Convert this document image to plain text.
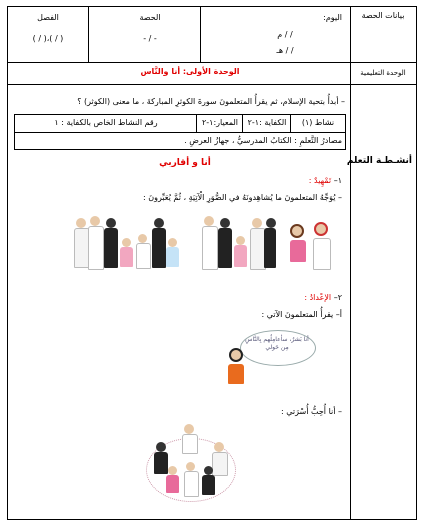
بيانات الحصة
اليوم:
/ / م
/ / هـ
الحصة
- / -
الفصل
( / )،( / )
الوحدة التعليمية
الوحدة الأولى: أنا والنَّاس
أنشـطـة التعلم
– أبدأُ بتحية الإسلام، ثم يقرأُ المتعلمونَ سورةَ الكوثرِ المباركةَ ، ما معنى (الكوثر) ؟
نشاط (١)
الكفاية :١-٢
المعيار:١-٢
رقم النشاط الخاص بالكفاية : ١
مصادرُ التَّعلمِ : الكتابُ المدرسيُّ ، جهازُ العرضِ .
أنا و أقاربي
١– تَمْهِيدٌ :
– يُوَجِّهُ المتعلمونَ ما يُشاهِدونَهُ في الصُّوَرِ الْآتِيَةِ ، ثُمَّ يُعَبِّرونَ :
٢– الإعْدادُ :
أ– يقرأُ المتعلمونَ الآتي :
أنا بَشرٌ، سأعامِلُهم بِالنَّاسِ مِن حَولي
– أنا أُحِبُّ أُسْرَتي :
